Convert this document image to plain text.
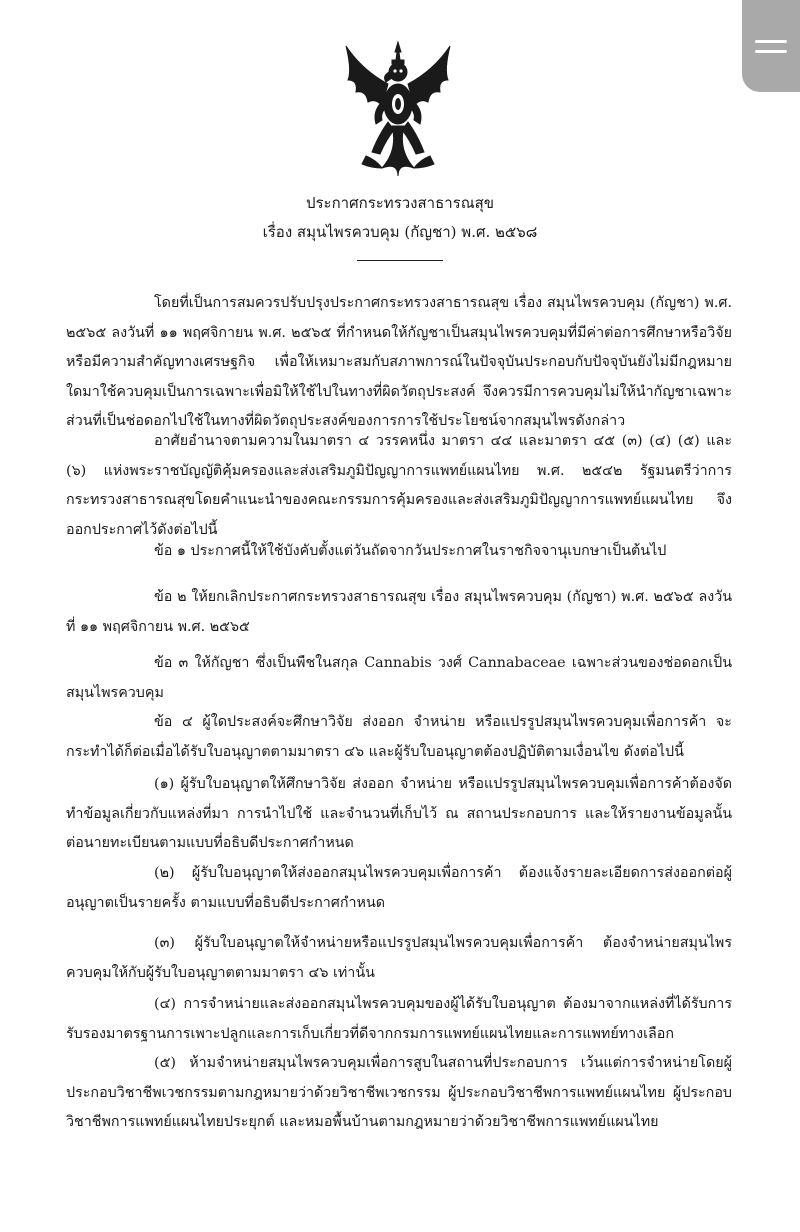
ประกาศกระทรวงสาธารณสุข
เรื่อง สมุนไพรควบคุม (กัญชา) พ.ศ. ๒๕๖๘

โดยที่เป็นการสมควรปรับปรุงประกาศกระทรวงสาธารณสุข เรื่อง สมุนไพรควบคุม (กัญชา) พ.ศ. ๒๕๖๕ ลงวันที่ ๑๑ พฤศจิกายน พ.ศ. ๒๕๖๕ ที่กำหนดให้กัญชาเป็นสมุนไพรควบคุมที่มีค่าต่อการศึกษาหรือวิจัย หรือมีความสำคัญทางเศรษฐกิจ เพื่อให้เหมาะสมกับสภาพการณ์ในปัจจุบันประกอบกับปัจจุบันยังไม่มีกฎหมายใดมาใช้ควบคุมเป็นการเฉพาะเพื่อมิให้ใช้ไปในทางที่ผิดวัตถุประสงค์ จึงควรมีการควบคุมไม่ให้นำกัญชาเฉพาะส่วนที่เป็นช่อดอกไปใช้ในทางที่ผิดวัตถุประสงค์ของการการใช้ประโยชน์จากสมุนไพรดังกล่าว

อาศัยอำนาจตามความในมาตรา ๔ วรรคหนึ่ง มาตรา ๔๔ และมาตรา ๔๕ (๓) (๔) (๕) และ (๖) แห่งพระราชบัญญัติคุ้มครองและส่งเสริมภูมิปัญญาการแพทย์แผนไทย พ.ศ. ๒๕๔๒ รัฐมนตรีว่าการกระทรวงสาธารณสุขโดยคำแนะนำของคณะกรรมการคุ้มครองและส่งเสริมภูมิปัญญาการแพทย์แผนไทย จึงออกประกาศไว้ดังต่อไปนี้

ข้อ ๑ ประกาศนี้ให้ใช้บังคับตั้งแต่วันถัดจากวันประกาศในราชกิจจานุเบกษาเป็นต้นไป

ข้อ ๒ ให้ยกเลิกประกาศกระทรวงสาธารณสุข เรื่อง สมุนไพรควบคุม (กัญชา) พ.ศ. ๒๕๖๕ ลงวันที่ ๑๑ พฤศจิกายน พ.ศ. ๒๕๖๕

ข้อ ๓ ให้กัญชา ซึ่งเป็นพืชในสกุล Cannabis วงศ์ Cannabaceae เฉพาะส่วนของช่อดอกเป็นสมุนไพรควบคุม

ข้อ ๔ ผู้ใดประสงค์จะศึกษาวิจัย ส่งออก จำหน่าย หรือแปรรูปสมุนไพรควบคุมเพื่อการค้า จะกระทำได้ก็ต่อเมื่อได้รับใบอนุญาตตามมาตรา ๔๖ และผู้รับใบอนุญาตต้องปฏิบัติตามเงื่อนไข ดังต่อไปนี้

(๑) ผู้รับใบอนุญาตให้ศึกษาวิจัย ส่งออก จำหน่าย หรือแปรรูปสมุนไพรควบคุมเพื่อการค้าต้องจัดทำข้อมูลเกี่ยวกับแหล่งที่มา การนำไปใช้ และจำนวนที่เก็บไว้ ณ สถานประกอบการ และให้รายงานข้อมูลนั้นต่อนายทะเบียนตามแบบที่อธิบดีประกาศกำหนด

(๒) ผู้รับใบอนุญาตให้ส่งออกสมุนไพรควบคุมเพื่อการค้า ต้องแจ้งรายละเอียดการส่งออกต่อผู้อนุญาตเป็นรายครั้ง ตามแบบที่อธิบดีประกาศกำหนด

(๓) ผู้รับใบอนุญาตให้จำหน่ายหรือแปรรูปสมุนไพรควบคุมเพื่อการค้า ต้องจำหน่ายสมุนไพรควบคุมให้กับผู้รับใบอนุญาตตามมาตรา ๔๖ เท่านั้น

(๔) การจำหน่ายและส่งออกสมุนไพรควบคุมของผู้ได้รับใบอนุญาต ต้องมาจากแหล่งที่ได้รับการรับรองมาตรฐานการเพาะปลูกและการเก็บเกี่ยวที่ดีจากกรมการแพทย์แผนไทยและการแพทย์ทางเลือก

(๕) ห้ามจำหน่ายสมุนไพรควบคุมเพื่อการสูบในสถานที่ประกอบการ เว้นแต่การจำหน่ายโดยผู้ประกอบวิชาชีพเวชกรรมตามกฎหมายว่าด้วยวิชาชีพเวชกรรม ผู้ประกอบวิชาชีพการแพทย์แผนไทย ผู้ประกอบวิชาชีพการแพทย์แผนไทยประยุกต์ และหมอพื้นบ้านตามกฎหมายว่าด้วยวิชาชีพการแพทย์แผนไทย
